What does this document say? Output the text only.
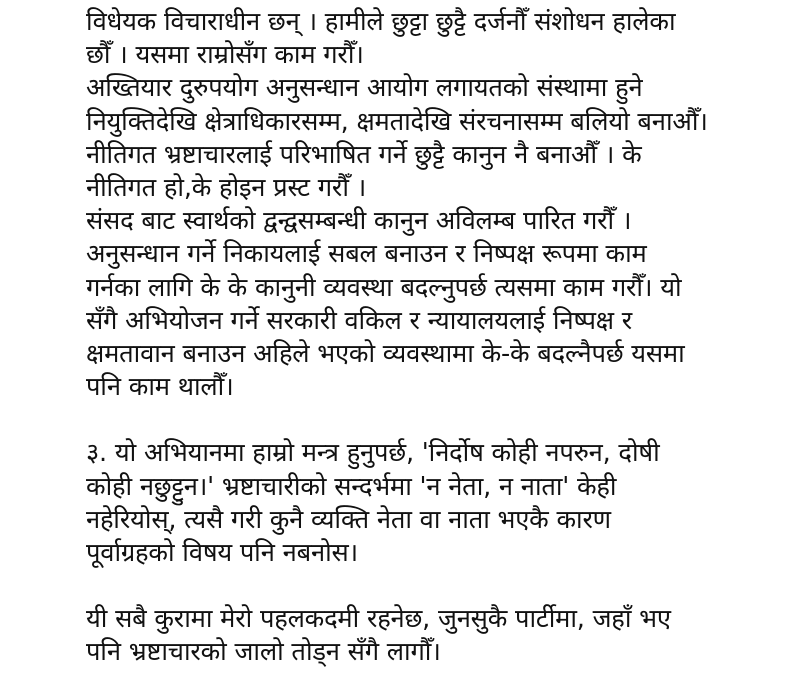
विधेयक विचाराधीन छन् । हामीले छुट्टा छुट्टै दर्जनौँ संशोधन हालेका
छौँ । यसमा राम्रोसँग काम गरौँ।
अख्तियार दुरुपयोग अनुसन्धान आयोग लगायतको संस्थामा हुने
नियुक्तिदेखि क्षेत्राधिकारसम्म, क्षमतादेखि संरचनासम्म बलियो बनाऔँ।
नीतिगत भ्रष्टाचारलाई परिभाषित गर्ने छुट्टै कानुन नै बनाऔँ । के
नीतिगत हो,के होइन प्रस्ट गरौँ ।
संसद बाट स्वार्थको द्वन्द्वसम्बन्धी कानुन अविलम्ब पारित गरौँ ।
अनुसन्धान गर्ने निकायलाई सबल बनाउन र निष्पक्ष रूपमा काम
गर्नका लागि के के कानुनी व्यवस्था बदल्नुपर्छ त्यसमा काम गरौँ। यो
सँगै अभियोजन गर्ने सरकारी वकिल र न्यायालयलाई निष्पक्ष र
क्षमतावान बनाउन अहिले भएको व्यवस्थामा के-के बदल्नैपर्छ यसमा
पनि काम थालौँ।
३. यो अभियानमा हाम्रो मन्त्र हुनुपर्छ, 'निर्दोष कोही नपरुन, दोषी
कोही नछुट्टुन।' भ्रष्टाचारीको सन्दर्भमा 'न नेता, न नाता' केही
नहेरियोस्, त्यसै गरी कुनै व्यक्ति नेता वा नाता भएकै कारण
पूर्वाग्रहको विषय पनि नबनोस।
यी सबै कुरामा मेरो पहलकदमी रहनेछ, जुनसुकै पार्टीमा, जहाँ भए
पनि भ्रष्टाचारको जालो तोड्न सँगै लागौँ।
